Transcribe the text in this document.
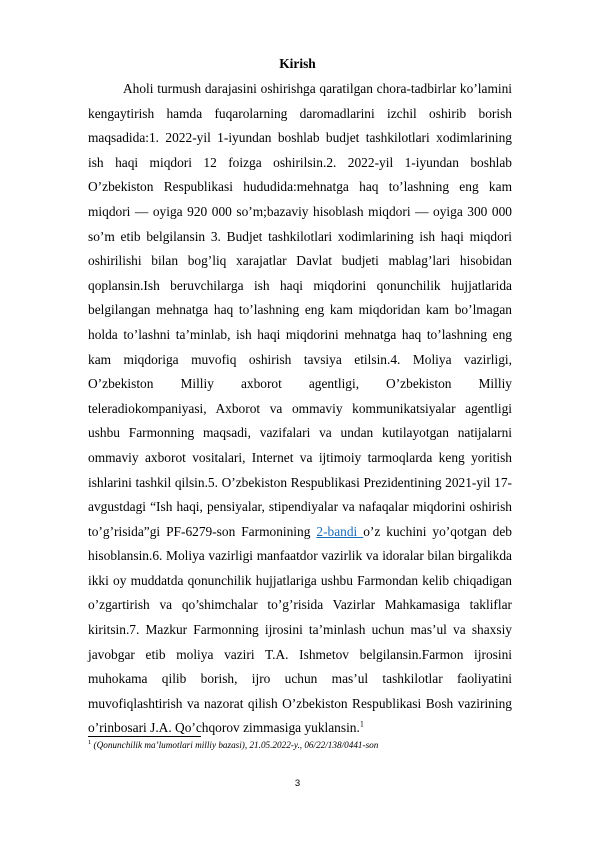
Kirish

Aholi turmush darajasini oshirishga qaratilgan chora-tadbirlar ko’lamini kengaytirish hamda fuqarolarning daromadlarini izchil oshirib borish maqsadida:1. 2022-yil 1-iyundan boshlab budjet tashkilotlari xodimlarining ish haqi miqdori 12 foizga oshirilsin.2. 2022-yil 1-iyundan boshlab O’zbekiston Respublikasi hududida:mehnatga haq to’lashning eng kam miqdori — oyiga 920 000 so’m;bazaviy hisoblash miqdori — oyiga 300 000 so’m etib belgilansin 3. Budjet tashkilotlari xodimlarining ish haqi miqdori oshirilishi bilan bog’liq xarajatlar Davlat budjeti mablag’lari hisobidan qoplansin.Ish beruvchilarga ish haqi miqdorini qonunchilik hujjatlarida belgilangan mehnatga haq to’lashning eng kam miqdoridan kam bo’lmagan holda to’lashni ta’minlab, ish haqi miqdorini mehnatga haq to’lashning eng kam miqdoriga muvofiq oshirish tavsiya etilsin.4. Moliya vazirligi, O’zbekiston Milliy axborot agentligi, O’zbekiston Milliy teleradiokompaniyasi, Axborot va ommaviy kommunikatsiyalar agentligi ushbu Farmonning maqsadi, vazifalari va undan kutilayotgan natijalarni ommaviy axborot vositalari, Internet va ijtimoiy tarmoqlarda keng yoritish ishlarini tashkil qilsin.5. O’zbekiston Respublikasi Prezidentining 2021-yil 17-avgustdagi “Ish haqi, pensiyalar, stipendiyalar va nafaqalar miqdorini oshirish to’g’risida”gi PF-6279-son Farmonining 2-bandi o’z kuchini yo’qotgan deb hisoblansin.6. Moliya vazirligi manfaatdor vazirlik va idoralar bilan birgalikda ikki oy muddatda qonunchilik hujjatlariga ushbu Farmondan kelib chiqadigan o’zgartirish va qo’shimchalar to’g’risida Vazirlar Mahkamasiga takliflar kiritsin.7. Mazkur Farmonning ijrosini ta’minlash uchun mas’ul va shaxsiy javobgar etib moliya vaziri T.A. Ishmetov belgilansin.Farmon ijrosini muhokama qilib borish, ijro uchun mas’ul tashkilotlar faoliyatini muvofiqlashtirish va nazorat qilish O’zbekiston Respublikasi Bosh vazirining o’rinbosari J.A. Qo’chqorov zimmasiga yuklansin.$^1$

$^1$ (Qonunchilik ma’lumotlari milliy bazasi), 21.05.2022-y., 06/22/138/0441-son
3
